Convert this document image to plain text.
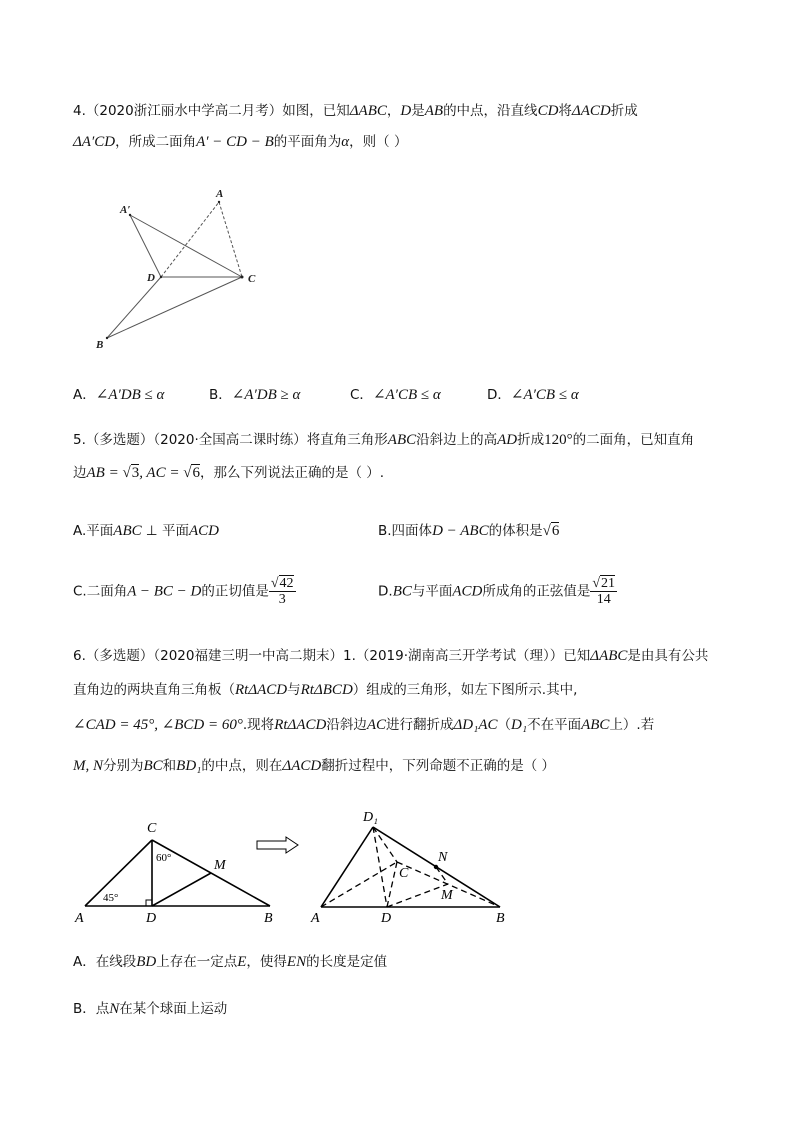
4.（2020浙江丽水中学高二月考）如图，已知ΔABC，D是AB的中点，沿直线CD将ΔACD折成
ΔA′CD，所成二面角A′ − CD − B的平面角为α，则（ ）
A
A′
D	C
B
A．∠A′DB ≤ α	B．∠A′DB ≥ α	C．∠A′CB ≤ α	D．∠A′CB ≤ α
5.（多选题）（2020·全国高二课时练）将直角三角形ABC沿斜边上的高AD折成120°的二面角，已知直角
边AB = √3, AC = √6，那么下列说法正确的是（ ）.
A.平面ABC ⊥ 平面ACD	B.四面体D − ABC的体积是√6
C.二面角A − BC − D的正切值是 $\frac{√42}{3}$	D.BC与平面ACD所成角的正弦值是 $\frac{√21}{14}$
6.（多选题）（2020福建三明一中高二期末）1.（2019·湖南高三开学考试（理））已知ΔABC是由具有公共
直角边的两块直角三角板（RtΔACD与RtΔBCD）组成的三角形，如左下图所示.其中,
∠CAD = 45°, ∠BCD = 60°.现将RtΔACD沿斜边AC进行翻折成ΔD₁AC（D₁不在平面ABC上）.若
M, N分别为BC和BD₁的中点，则在ΔACD翻折过程中，下列命题不正确的是（ ）
C
A	D	B
M
60°
45°
D₁
N
C
M
A	D	B
A．在线段BD上存在一定点E，使得EN的长度是定值
B．点N在某个球面上运动
